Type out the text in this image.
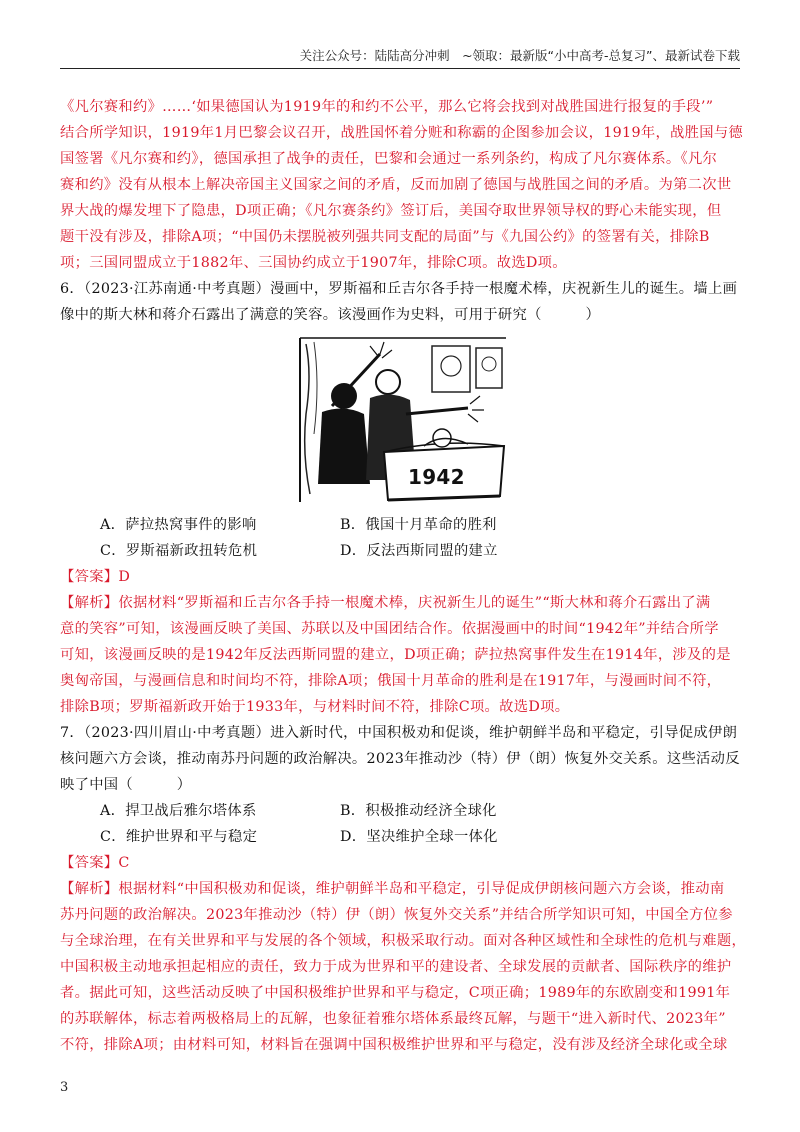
关注公众号：陆陆高分冲刺　~领取：最新版“小中高考-总复习”、最新试卷下载
《凡尔赛和约》……‘如果德国认为1919年的和约不公平，那么它将会找到对战胜国进行报复的手段’”
结合所学知识，1919年1月巴黎会议召开，战胜国怀着分赃和称霸的企图参加会议，1919年，战胜国与德
国签署《凡尔赛和约》，德国承担了战争的责任，巴黎和会通过一系列条约，构成了凡尔赛体系。《凡尔
赛和约》没有从根本上解决帝国主义国家之间的矛盾，反而加剧了德国与战胜国之间的矛盾。为第二次世
界大战的爆发埋下了隐患，D项正确；《凡尔赛条约》签订后，美国夺取世界领导权的野心未能实现，但
题干没有涉及，排除A项；“中国仍未摆脱被列强共同支配的局面”与《九国公约》的签署有关，排除B
项；三国同盟成立于1882年、三国协约成立于1907年，排除C项。故选D项。
6．（2023·江苏南通·中考真题）漫画中，罗斯福和丘吉尔各手持一根魔术棒，庆祝新生儿的诞生。墙上画
像中的斯大林和蒋介石露出了满意的笑容。该漫画作为史料，可用于研究（　　　）
1942
A．萨拉热窝事件的影响	B．俄国十月革命的胜利
C．罗斯福新政扭转危机	D．反法西斯同盟的建立
【答案】D
【解析】依据材料“罗斯福和丘吉尔各手持一根魔术棒，庆祝新生儿的诞生”“斯大林和蒋介石露出了满
意的笑容”可知，该漫画反映了美国、苏联以及中国团结合作。依据漫画中的时间“1942年”并结合所学
可知，该漫画反映的是1942年反法西斯同盟的建立，D项正确；萨拉热窝事件发生在1914年，涉及的是
奥匈帝国，与漫画信息和时间均不符，排除A项；俄国十月革命的胜利是在1917年，与漫画时间不符，
排除B项；罗斯福新政开始于1933年，与材料时间不符，排除C项。故选D项。
7．（2023·四川眉山·中考真题）进入新时代，中国积极劝和促谈，维护朝鲜半岛和平稳定，引导促成伊朗
核问题六方会谈，推动南苏丹问题的政治解决。2023年推动沙（特）伊（朗）恢复外交关系。这些活动反
映了中国（　　　）
A．捍卫战后雅尔塔体系	B．积极推动经济全球化
C．维护世界和平与稳定	D．坚决维护全球一体化
【答案】C
【解析】根据材料“中国积极劝和促谈，维护朝鲜半岛和平稳定，引导促成伊朗核问题六方会谈，推动南
苏丹问题的政治解决。2023年推动沙（特）伊（朗）恢复外交关系”并结合所学知识可知，中国全方位参
与全球治理，在有关世界和平与发展的各个领域，积极采取行动。面对各种区域性和全球性的危机与难题，
中国积极主动地承担起相应的责任，致力于成为世界和平的建设者、全球发展的贡献者、国际秩序的维护
者。据此可知，这些活动反映了中国积极维护世界和平与稳定，C项正确；1989年的东欧剧变和1991年
的苏联解体，标志着两极格局上的瓦解，也象征着雅尔塔体系最终瓦解，与题干“进入新时代、2023年”
不符，排除A项；由材料可知，材料旨在强调中国积极维护世界和平与稳定，没有涉及经济全球化或全球
3
